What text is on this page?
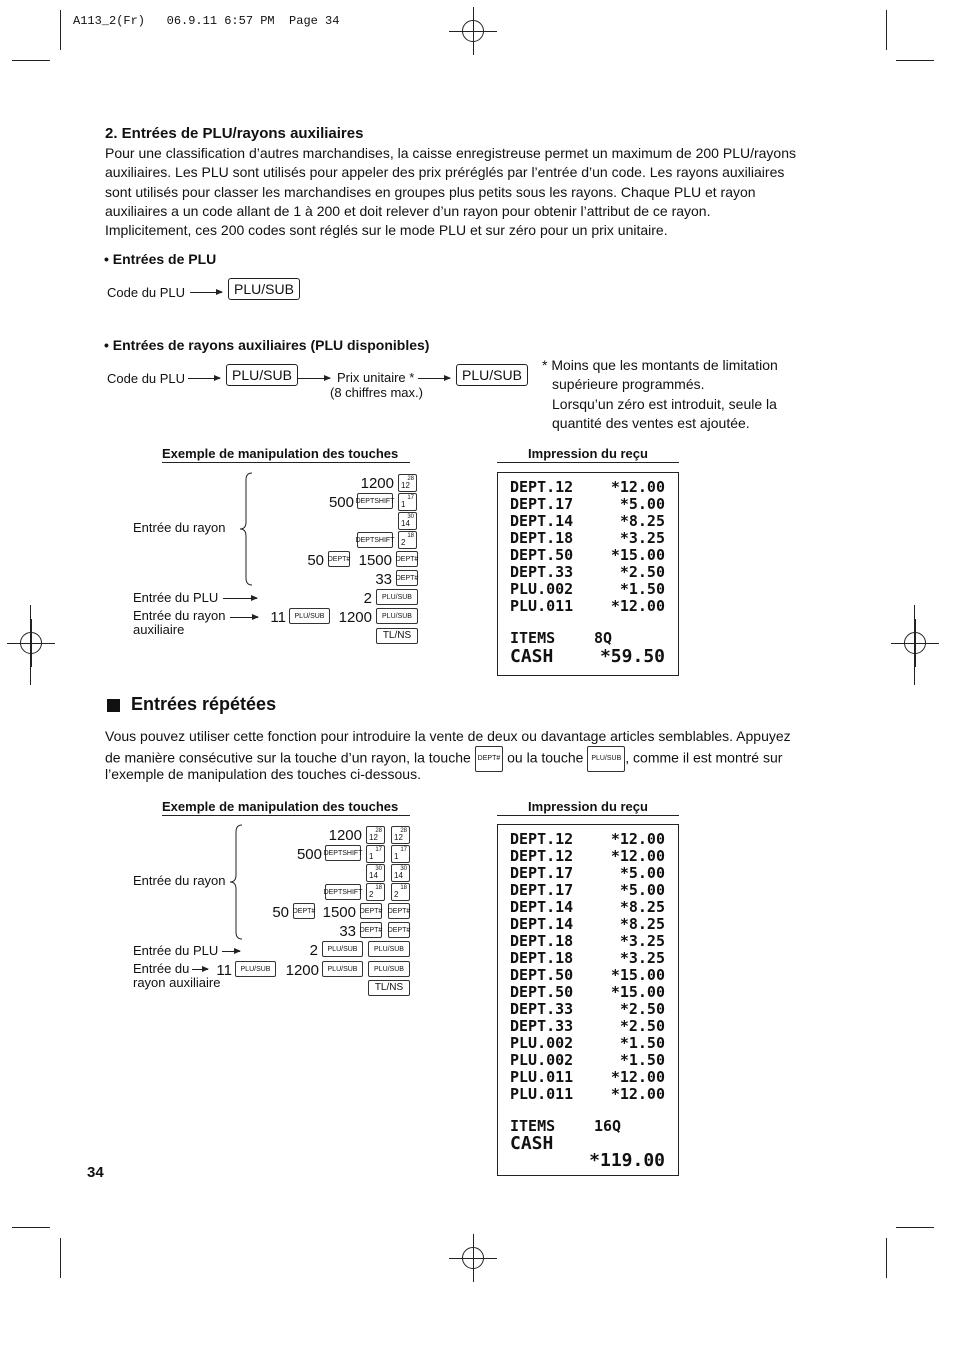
A113_2(Fr)   06.9.11 6:57 PM  Page 34
2. Entrées de PLU/rayons auxiliaires
Pour une classification d’autres marchandises, la caisse enregistreuse permet un maximum de 200 PLU/rayons
auxiliaires. Les PLU sont utilisés pour appeler des prix préréglés par l’entrée d’un code. Les rayons auxiliaires
sont utilisés pour classer les marchandises en groupes plus petits sous les rayons. Chaque PLU et rayon
auxiliaires a un code allant de 1 à 200 et doit relever d’un rayon pour obtenir l’attribut de ce rayon.
Implicitement, ces 200 codes sont réglés sur le mode PLU et sur zéro pour un prix unitaire.
• Entrées de PLU
Code du PLU	PLU/SUB
• Entrées de rayons auxiliaires (PLU disponibles)
Code du PLU	PLU/SUB	Prix unitaire *
(8 chiffres max.)
PLU/SUB
* Moins que les montants de limitation
supérieure programmés.
Lorsqu’un zéro est introduit, seule la
quantité des ventes est ajoutée.
Exemple de manipulation des touches	Impression du reçu
Entrée du rayon
Entrée du PLU
Entrée du rayon
auxiliaire
1200 28
12
500 DEPTSHIFT 17
1
30
14
DEPTSHIFT
18
2
50 DEPT# 1500 DEPT#
33 DEPT#
2	PLU/SUB
11	PLU/SUB 1200	PLU/SUB
TL/NS
DEPT.12	*12.00
DEPT.17	*5.00
DEPT.14	*8.25
DEPT.18	*3.25
DEPT.50	*15.00
DEPT.33	*2.50
PLU.002	*1.50
PLU.011	*12.00
ITEMS	8Q
CASH	*59.50
Entrées répétées
Vous pouvez utiliser cette fonction pour introduire la vente de deux ou davantage articles semblables. Appuyez
de manière consécutive sur la touche d’un rayon, la touche DEPT# ou la touche PLU/SUB , comme il est montré sur
l’exemple de manipulation des touches ci-dessous.
Exemple de manipulation des touches	Impression du reçu
Entrée du rayon
Entrée du PLU
Entrée du
rayon auxiliaire
1200 28
12
28
12
500 DEPTSHIFT 17
1
17
1
30
14
30
14
DEPTSHIFT
18
2
18
2
50 DEPT# 1500 DEPT# DEPT#
33 DEPT# DEPT#
2	PLU/SUB	PLU/SUB
11	PLU/SUB	1200	PLU/SUB	PLU/SUB
TL/NS
DEPT.12	*12.00
DEPT.12	*12.00
DEPT.17	*5.00
DEPT.17	*5.00
DEPT.14	*8.25
DEPT.14	*8.25
DEPT.18	*3.25
DEPT.18	*3.25
DEPT.50	*15.00
DEPT.50	*15.00
DEPT.33	*2.50
DEPT.33	*2.50
PLU.002	*1.50
PLU.002	*1.50
PLU.011	*12.00
PLU.011	*12.00
ITEMS	16Q
CASH
*119.00
34
